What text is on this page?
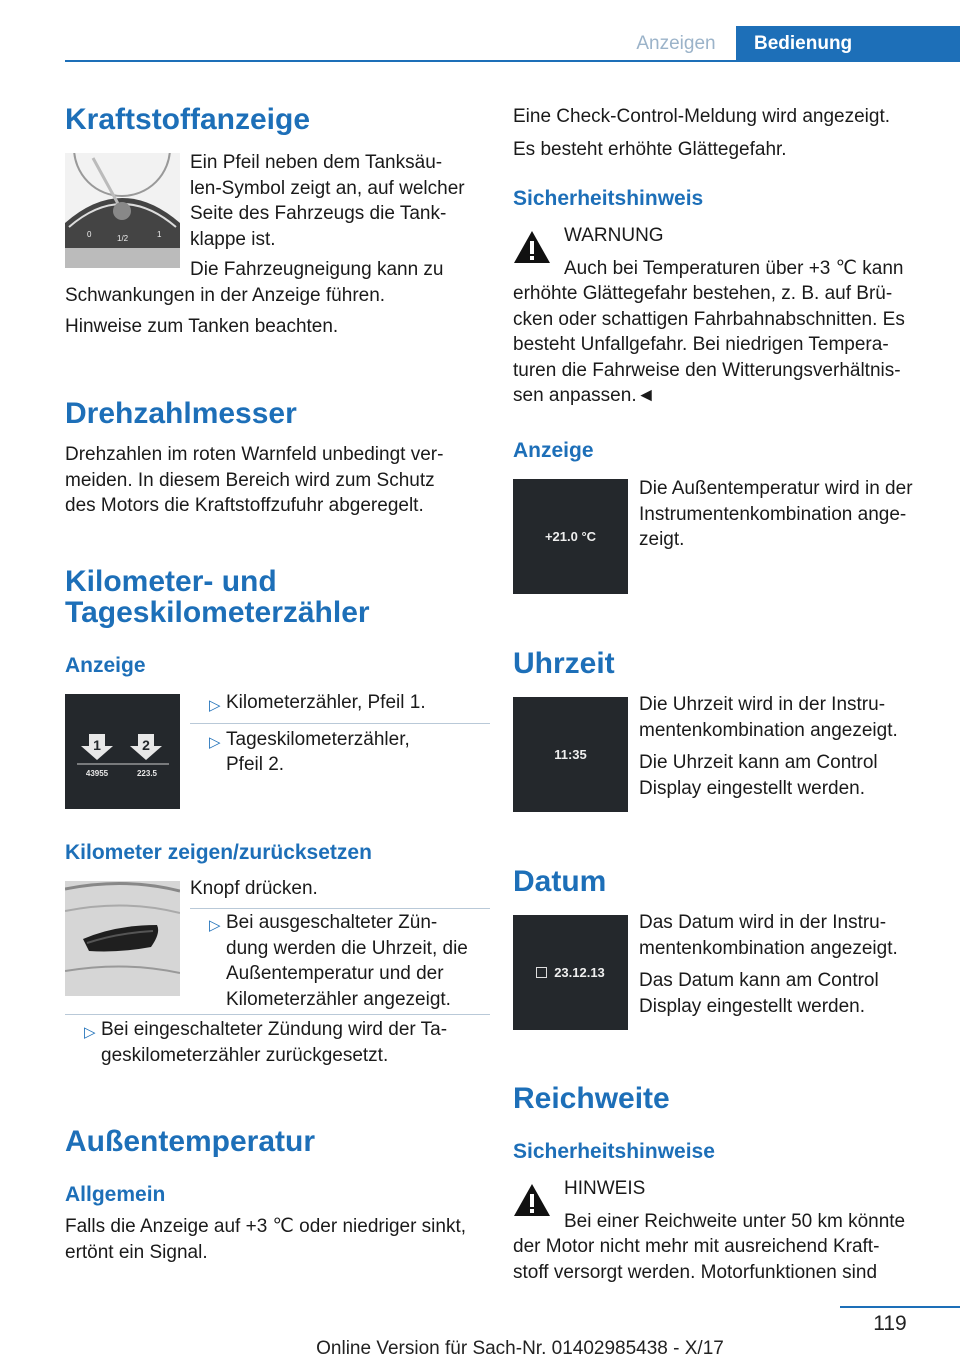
Anzeigen	Bedienung
Kraftstoffanzeige
0	1/2	1
Ein Pfeil neben dem Tanksäu-
len-Symbol zeigt an, auf welcher
Seite des Fahrzeugs die Tank-
klappe ist.
Die Fahrzeugneigung kann zu
Schwankungen in der Anzeige führen.
Hinweise zum Tanken beachten.
Drehzahlmesser
Drehzahlen im roten Warnfeld unbedingt ver-
meiden. In diesem Bereich wird zum Schutz
des Motors die Kraftstoffzufuhr abgeregelt.
Kilometer- und
Tageskilometerzähler
Anzeige
1	2
43955	223.5
▷ Kilometerzähler, Pfeil 1.
▷ Tageskilometerzähler,
Pfeil 2.
Kilometer zeigen/zurücksetzen
Knopf drücken.
▷ Bei ausgeschalteter Zün-
dung werden die Uhrzeit, die
Außentemperatur und der
Kilometerzähler angezeigt.
▷ Bei eingeschalteter Zündung wird der Ta-
geskilometerzähler zurückgesetzt.
Außentemperatur
Allgemein
Falls die Anzeige auf +3 ℃ oder niedriger sinkt,
ertönt ein Signal.
Eine Check-Control-Meldung wird angezeigt.
Es besteht erhöhte Glättegefahr.
Sicherheitshinweis
WARNUNG
Auch bei Temperaturen über +3 ℃ kann
erhöhte Glättegefahr bestehen, z. B. auf Brü-
cken oder schattigen Fahrbahnabschnitten. Es
besteht Unfallgefahr. Bei niedrigen Tempera-
turen die Fahrweise den Witterungsverhältnis-
sen anpassen.◄
Anzeige
+21.0 °C
Die Außentemperatur wird in der
Instrumentenkombination ange-
zeigt.
Uhrzeit
11:35
Die Uhrzeit wird in der Instru-
mentenkombination angezeigt.
Die Uhrzeit kann am Control
Display eingestellt werden.
Datum
23.12.13
Das Datum wird in der Instru-
mentenkombination angezeigt.
Das Datum kann am Control
Display eingestellt werden.
Reichweite
Sicherheitshinweise
HINWEIS
Bei einer Reichweite unter 50 km könnte
der Motor nicht mehr mit ausreichend Kraft-
stoff versorgt werden. Motorfunktionen sind
119
Online Version für Sach-Nr. 01402985438 - X/17
